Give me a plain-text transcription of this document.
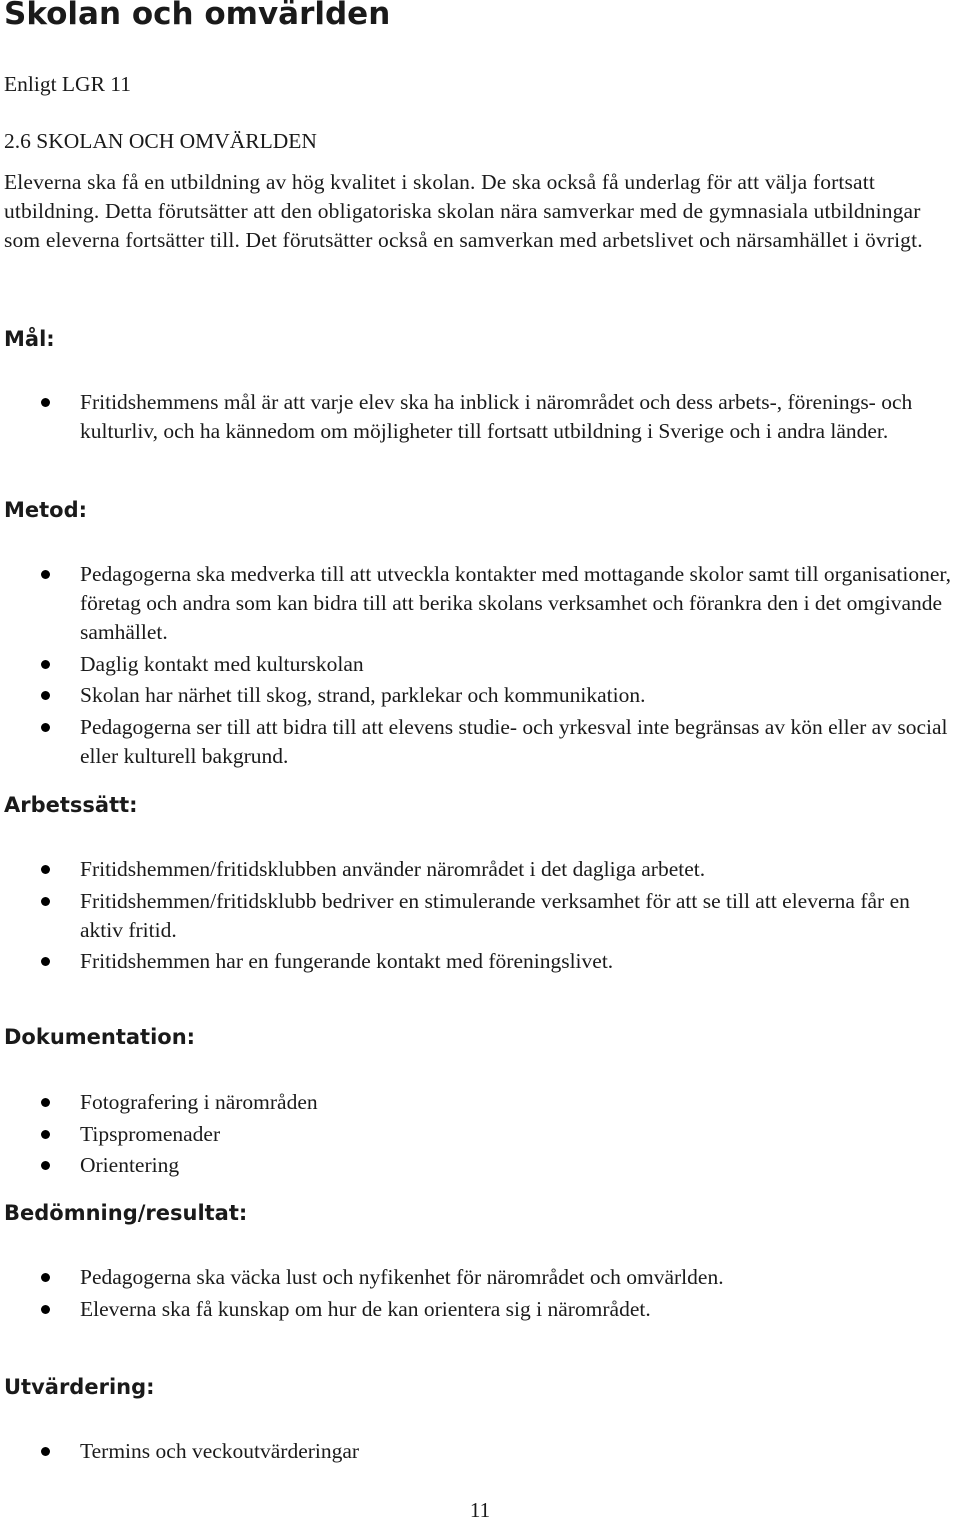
Skolan och omvärlden

Enligt LGR 11

2.6 SKOLAN OCH OMVÄRLDEN

Eleverna ska få en utbildning av hög kvalitet i skolan. De ska också få underlag för att välja fortsatt utbildning. Detta förutsätter att den obligatoriska skolan nära samverkar med de gymnasiala utbildningar som eleverna fortsätter till. Det förutsätter också en samverkan med arbetslivet och närsamhället i övrigt.

Mål:
Fritidshemmens mål är att varje elev ska ha inblick i närområdet och dess arbets-, förenings- och kulturliv, och ha kännedom om möjligheter till fortsatt utbildning i Sverige och i andra länder.
Metod:
Pedagogerna ska medverka till att utveckla kontakter med mottagande skolor samt till organisationer, företag och andra som kan bidra till att berika skolans verksamhet och förankra den i det omgivande samhället.
Daglig kontakt med kulturskolan
Skolan har närhet till skog, strand, parklekar och kommunikation.
Pedagogerna ser till att bidra till att elevens studie- och yrkesval inte begränsas av kön eller av social eller kulturell bakgrund.
Arbetssätt:
Fritidshemmen/fritidsklubben använder närområdet i det dagliga arbetet.
Fritidshemmen/fritidsklubb bedriver en stimulerande verksamhet för att se till att eleverna får en aktiv fritid.
Fritidshemmen har en fungerande kontakt med föreningslivet.
Dokumentation:
Fotografering i närområden
Tipspromenader
Orientering
Bedömning/resultat:
Pedagogerna ska väcka lust och nyfikenhet för närområdet och omvärlden.
Eleverna ska få kunskap om hur de kan orientera sig i närområdet.
Utvärdering:
Termins och veckoutvärderingar
11
